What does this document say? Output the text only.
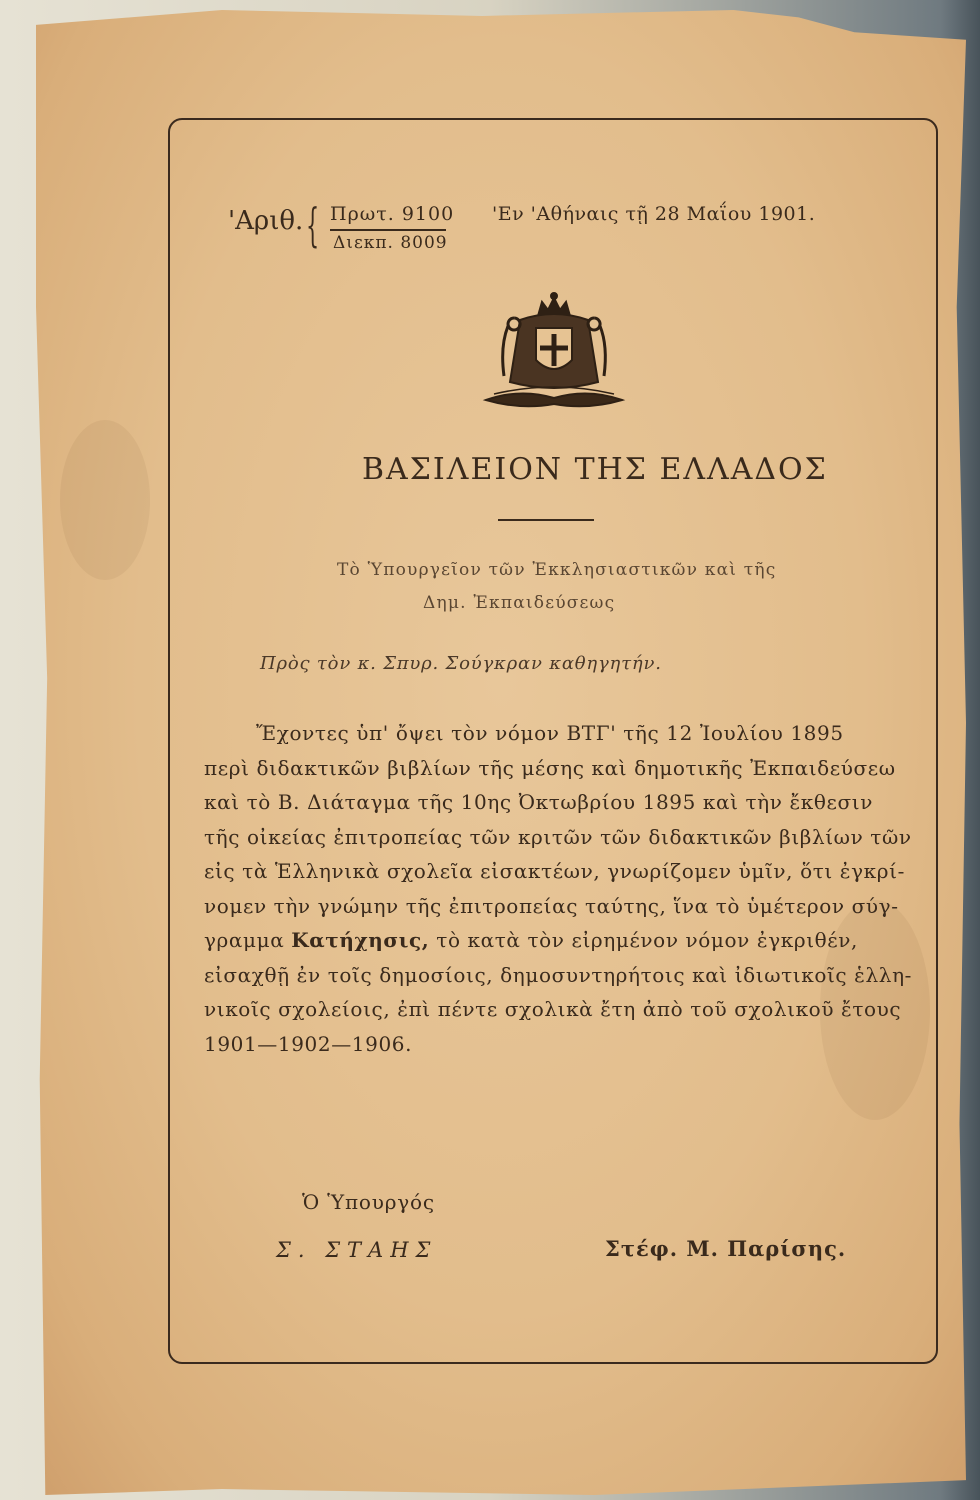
'Αριθ. { Πρωτ. 9100
Διεκπ. 8009
'Εν 'Αθήναις τῇ 28 Μαΐου 1901.
ΒΑΣΙΛΕΙΟΝ ΤΗΣ ΕΛΛΑΔΟΣ
Τὸ Ὑπουργεῖον τῶν Ἐκκλησιαστικῶν καὶ τῆς
Δημ. Ἐκπαιδεύσεως
Πρὸς τὸν κ. Σπυρ. Σούγκραν καθηγητήν.
Ἔχοντες ὑπ' ὄψει τὸν νόμον ΒΤΓ' τῆς 12 Ἰουλίου 1895
περὶ διδακτικῶν βιβλίων τῆς μέσης καὶ δημοτικῆς Ἐκπαιδεύσεω
καὶ τὸ Β. Διάταγμα τῆς 10ης Ὀκτωβρίου 1895 καὶ τὴν ἔκθεσιν
τῆς οἰκείας ἐπιτροπείας τῶν κριτῶν τῶν διδακτικῶν βιβλίων τῶν
εἰς τὰ Ἑλληνικὰ σχολεῖα εἰσακτέων, γνωρίζομεν ὑμῖν, ὅτι ἐγκρί-
νομεν τὴν γνώμην τῆς ἐπιτροπείας ταύτης, ἵνα τὸ ὑμέτερον σύγ-
γραμμα Κατήχησις, τὸ κατὰ τὸν εἰρημένον νόμον ἐγκριθέν,
εἰσαχθῇ ἐν τοῖς δημοσίοις, δημοσυντηρήτοις καὶ ἰδιωτικοῖς ἑλλη-
νικοῖς σχολείοις, ἐπὶ πέντε σχολικὰ ἔτη ἀπὸ τοῦ σχολικοῦ ἔτους
1901—1902—1906.
Ὁ Ὑπουργός
Σ. ΣΤΑΗΣ	Στέφ. Μ. Παρίσης.
